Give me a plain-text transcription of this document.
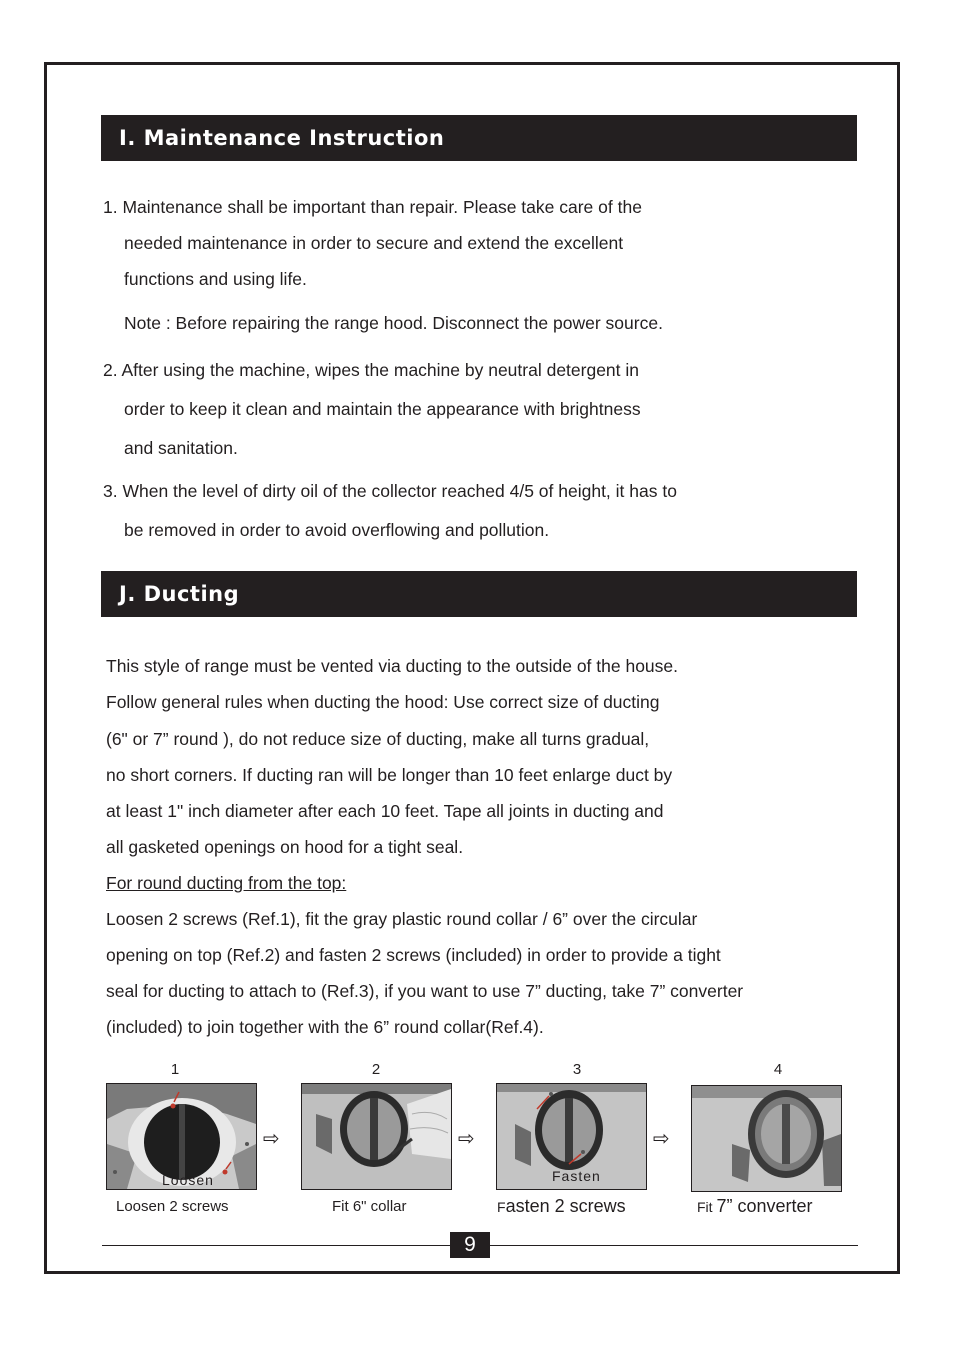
I. Maintenance Instruction
1. Maintenance shall be important than repair. Please take care of the
needed maintenance in order to secure and extend the excellent
functions and using life.
Note : Before repairing the range hood. Disconnect the power source.
2. After using the machine, wipes the machine by neutral detergent in
order to keep it clean and maintain the appearance with brightness
and sanitation.
3. When the level of dirty oil of the collector reached 4/5 of height, it has to
be removed in order to avoid overflowing and pollution.
J. Ducting
This style of range must be vented via ducting to the outside of the house.
Follow general rules when ducting the hood: Use correct size of ducting
(6" or 7” round ), do not reduce size of ducting, make all turns gradual,
no short corners. If ducting ran will be longer than 10 feet enlarge duct by
at least 1" inch diameter after each 10 feet. Tape all joints in ducting and
all gasketed openings on hood for a tight seal.
For round ducting from the top:
Loosen 2 screws (Ref.1), fit the gray plastic round collar / 6” over the circular
opening on top (Ref.2) and fasten 2 screws (included) in order to provide a tight
seal for ducting to attach to (Ref.3), if you want to use 7” ducting, take 7” converter
(included) to join together with the 6” round collar(Ref.4).
1	2	3	4
Loosen
⇨	⇨
Fasten
⇨
Loosen 2 screws	Fit 6" collar	Fasten 2 screws	Fit 7” converter
9
